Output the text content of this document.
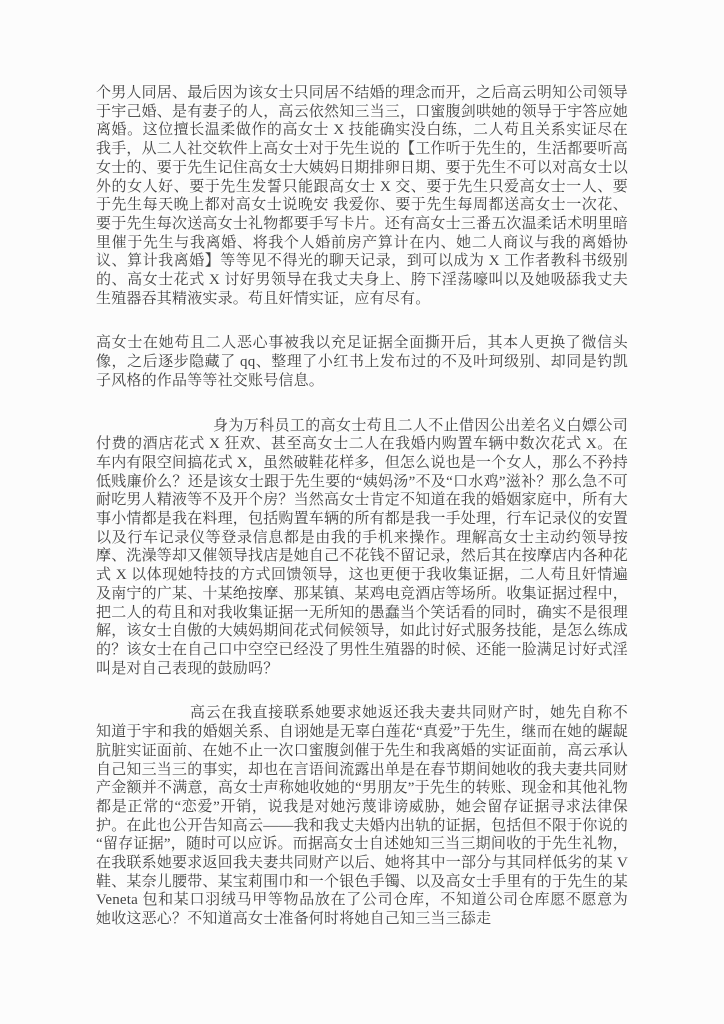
个男人同居、最后因为该女士只同居不结婚的理念而开，之后高云明知公司领导于宇己婚、是有妻子的人，高云依然知三当三，口蜜腹剑哄她的领导于宇答应她离婚。这位擅长温柔做作的高女士 X 技能确实没白练，二人苟且关系实证尽在我手，从二人社交软件上高女士对于先生说的【工作听于先生的，生活都要听高女士的、要于先生记住高女士大姨妈日期排卵日期、要于先生不可以对高女士以外的女人好、要于先生发誓只能跟高女士 X 交、要于先生只爱高女士一人、要于先生每天晚上都对高女士说晚安 我爱你、要于先生每周都送高女士一次花、要于先生每次送高女士礼物都要手写卡片。还有高女士三番五次温柔话术明里暗里催于先生与我离婚、将我个人婚前房产算计在内、她二人商议与我的离婚协议、算计我离婚】等等见不得光的聊天记录，到可以成为 X 工作者教科书级别的、高女士花式 X 讨好男领导在我丈夫身上、胯下淫荡嚎叫以及她吸舔我丈夫生殖器吞其精液实录。苟且奸情实证，应有尽有。

高女士在她苟且二人恶心事被我以充足证据全面撕开后，其本人更换了微信头像，之后逐步隐藏了 qq、整理了小红书上发布过的不及叶珂级别、却同是钓凯子风格的作品等等社交账号信息。

身为万科员工的高女士苟且二人不止借因公出差名义白嫖公司付费的酒店花式 X 狂欢、甚至高女士二人在我婚内购置车辆中数次花式 X。在车内有限空间搞花式 X，虽然破鞋花样多，但怎么说也是一个女人，那么不矜持低贱廉价么？还是该女士跟于先生要的“姨妈汤”不及“口水鸡”滋补？那么急不可耐吃男人精液等不及开个房？当然高女士肯定不知道在我的婚姻家庭中，所有大事小情都是我在料理，包括购置车辆的所有都是我一手处理，行车记录仪的安置以及行车记录仪等登录信息都是由我的手机来操作。理解高女士主动约领导按摩、洗澡等却又催领导找店是她自己不花钱不留记录，然后其在按摩店内各种花式 X 以体现她特技的方式回馈领导，这也更便于我收集证据，二人苟且奸情遍及南宁的广某、十某绝按摩、那某镇、某鸡电竞酒店等场所。收集证据过程中，把二人的苟且和对我收集证据一无所知的愚蠢当个笑话看的同时，确实不是很理解，该女士自傲的大姨妈期间花式伺候领导，如此讨好式服务技能，是怎么练成的？该女士在自己口中空空已经没了男性生殖器的时候、还能一脸满足讨好式淫叫是对自己表现的鼓励吗？

高云在我直接联系她要求她返还我夫妻共同财产时，她先自称不知道于宇和我的婚姻关系、自诩她是无辜白莲花“真爱”于先生，继而在她的龌龊肮脏实证面前、在她不止一次口蜜腹剑催于先生和我离婚的实证面前，高云承认自己知三当三的事实，却也在言语间流露出单是在春节期间她收的我夫妻共同财产金额并不满意，高女士声称她收她的“男朋友”于先生的转账、现金和其他礼物都是正常的“恋爱”开销，说我是对她污蔑诽谤威胁，她会留存证据寻求法律保护。在此也公开告知高云——我和我丈夫婚内出轨的证据，包括但不限于你说的“留存证据”，随时可以应诉。而据高女士自述她知三当三期间收的于先生礼物，在我联系她要求返回我夫妻共同财产以后、她将其中一部分与其同样低劣的某 V 鞋、某奈儿腰带、某宝莉围巾和一个银色手镯、以及高女士手里有的于先生的某 Veneta 包和某口羽绒马甲等物品放在了公司仓库，不知道公司仓库愿不愿意为她收这恶心？不知道高女士准备何时将她自己知三当三舔走
